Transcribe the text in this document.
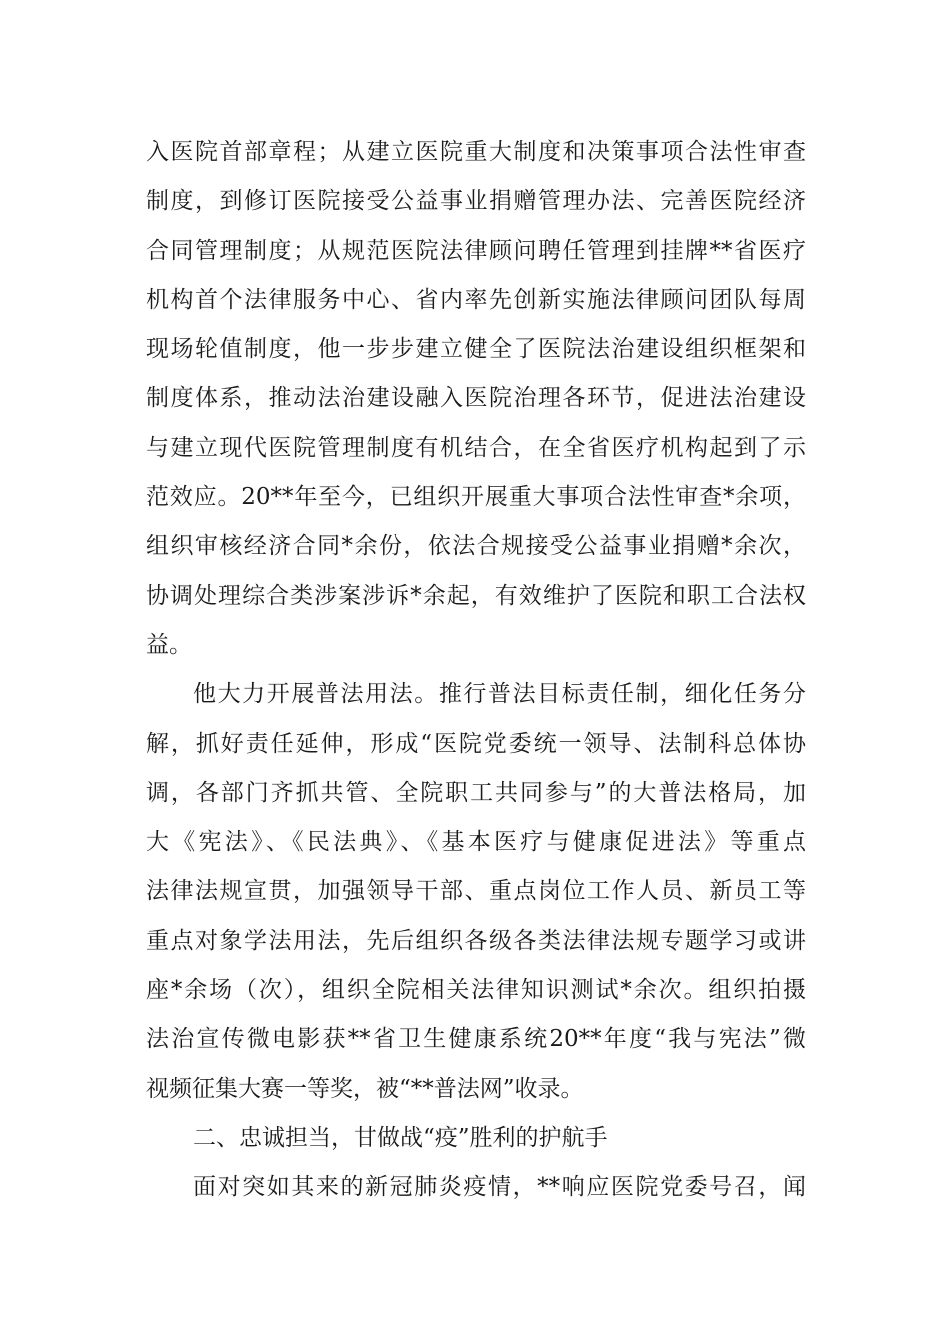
入医院首部章程；从建立医院重大制度和决策事项合法性审查
制度，到修订医院接受公益事业捐赠管理办法、完善医院经济
合同管理制度；从规范医院法律顾问聘任管理到挂牌**省医疗
机构首个法律服务中心、省内率先创新实施法律顾问团队每周
现场轮值制度，他一步步建立健全了医院法治建设组织框架和
制度体系，推动法治建设融入医院治理各环节，促进法治建设
与建立现代医院管理制度有机结合，在全省医疗机构起到了示
范效应。20**年至今，已组织开展重大事项合法性审查*余项，
组织审核经济合同*余份，依法合规接受公益事业捐赠*余次，
协调处理综合类涉案涉诉*余起，有效维护了医院和职工合法权
益。
他大力开展普法用法。推行普法目标责任制，细化任务分
解，抓好责任延伸，形成“医院党委统一领导、法制科总体协
调，各部门齐抓共管、全院职工共同参与”的大普法格局，加
大《宪法》、《民法典》、《基本医疗与健康促进法》等重点
法律法规宣贯，加强领导干部、重点岗位工作人员、新员工等
重点对象学法用法，先后组织各级各类法律法规专题学习或讲
座*余场（次），组织全院相关法律知识测试*余次。组织拍摄
法治宣传微电影获**省卫生健康系统20**年度“我与宪法”微
视频征集大赛一等奖，被“**普法网”收录。
二、忠诚担当，甘做战“疫”胜利的护航手
面对突如其来的新冠肺炎疫情，**响应医院党委号召，闻
